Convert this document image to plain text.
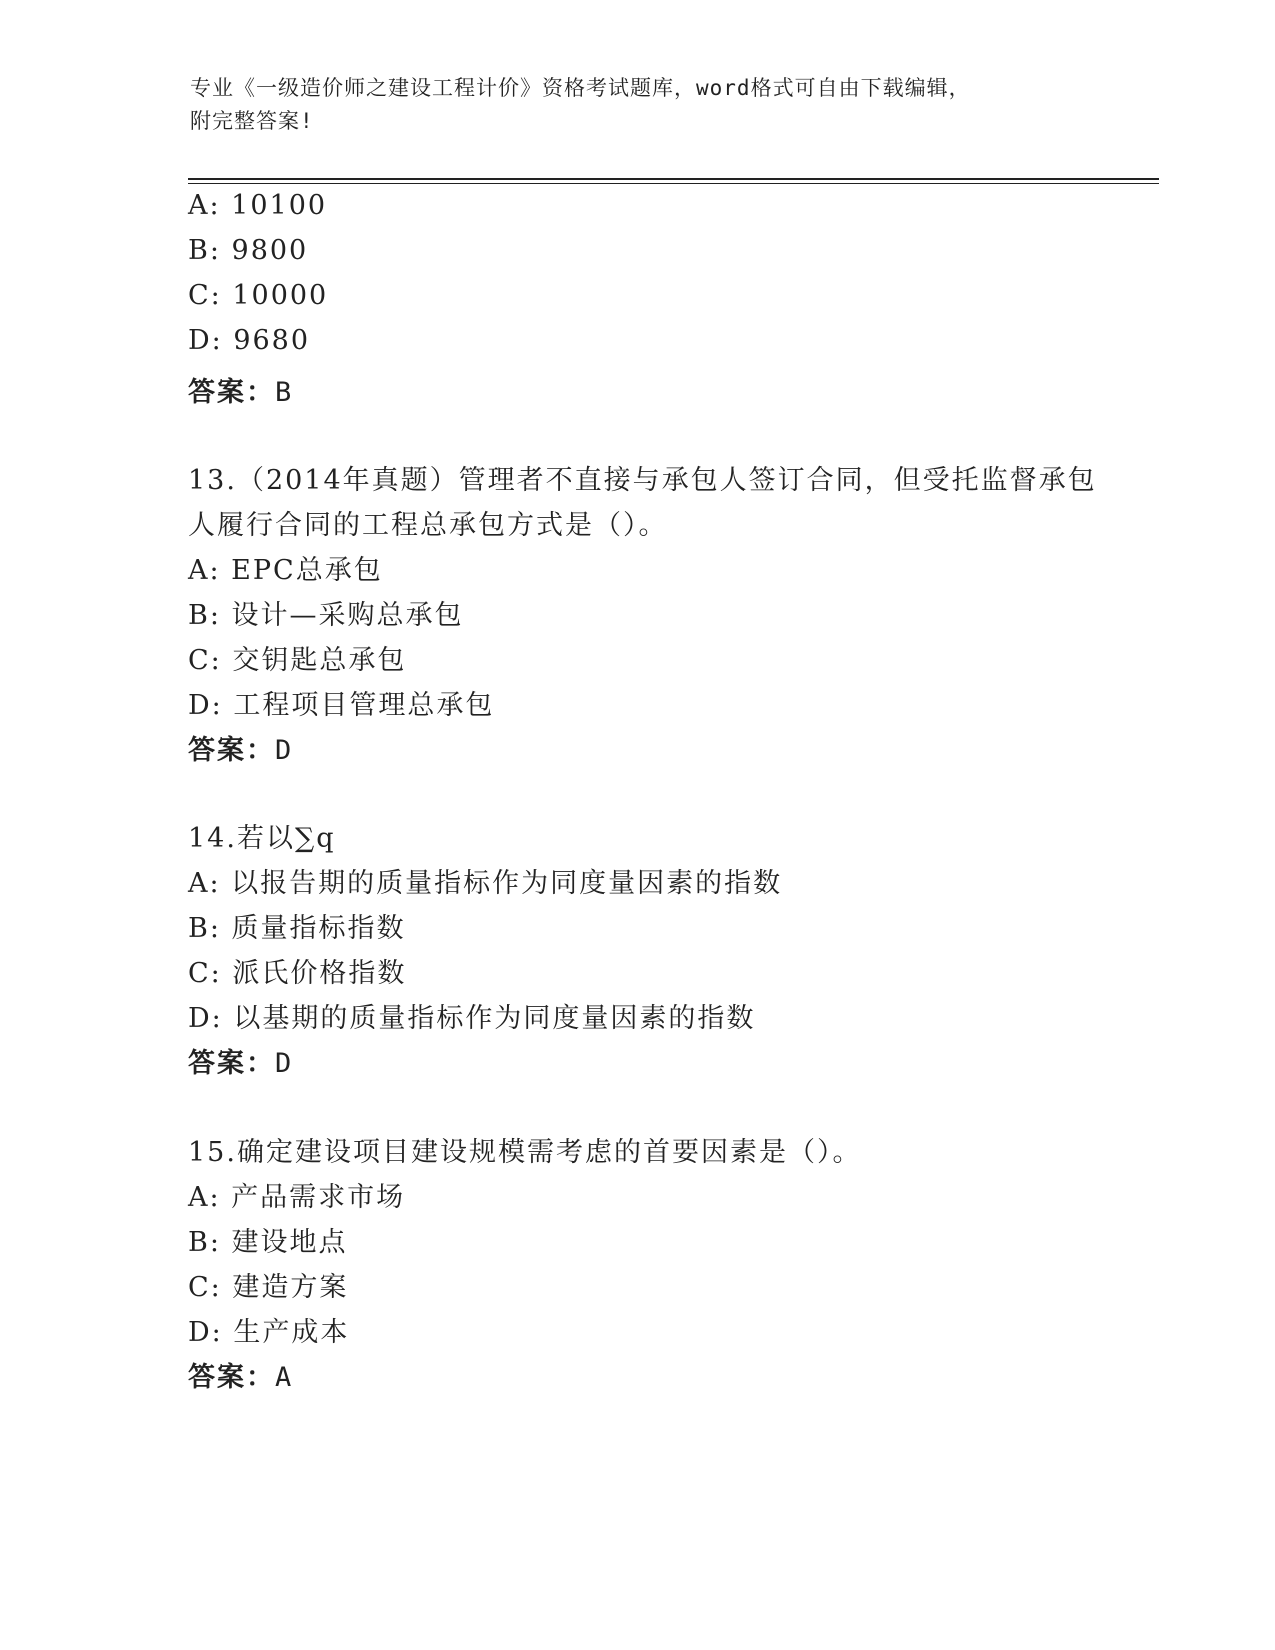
专业《一级造价师之建设工程计价》资格考试题库，word格式可自由下载编辑，
附完整答案!
A: 10100
B: 9800
C: 10000
D: 9680
答案：B
13.（2014年真题）管理者不直接与承包人签订合同，但受托监督承包
人履行合同的工程总承包方式是（）。
A: EPC总承包
B: 设计—采购总承包
C: 交钥匙总承包
D: 工程项目管理总承包
答案：D
14.若以∑q
A: 以报告期的质量指标作为同度量因素的指数
B: 质量指标指数
C: 派氏价格指数
D: 以基期的质量指标作为同度量因素的指数
答案：D
15.确定建设项目建设规模需考虑的首要因素是（）。
A: 产品需求市场
B: 建设地点
C: 建造方案
D: 生产成本
答案：A
